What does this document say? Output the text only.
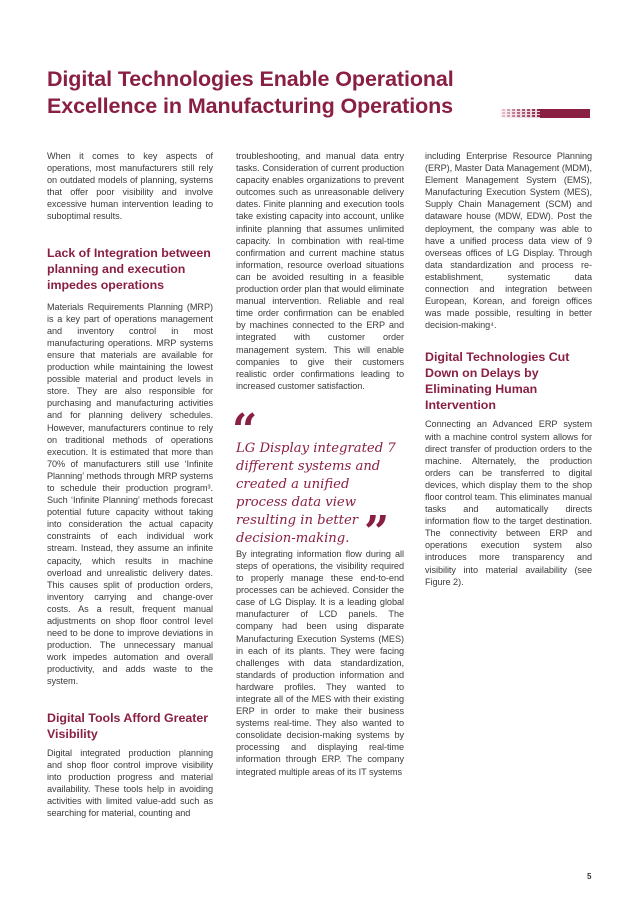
Digital Technologies Enable Operational Excellence in Manufacturing Operations

When it comes to key aspects of operations, most manufacturers still rely on outdated models of planning, systems that offer poor visibility and involve excessive human intervention leading to suboptimal results.

Lack of Integration between planning and execution impedes operations

Materials Requirements Planning (MRP) is a key part of operations management and inventory control in most manufacturing operations. MRP systems ensure that materials are available for production while maintaining the lowest possible material and product levels in store. They are also responsible for purchasing and manufacturing activities and for planning delivery schedules. However, manufacturers continue to rely on traditional methods of operations execution. It is estimated that more than 70% of manufacturers still use ‘Infinite Planning’ methods through MRP systems to schedule their production program³. Such ‘Infinite Planning’ methods forecast potential future capacity without taking into consideration the actual capacity constraints of each individual work stream. Instead, they assume an infinite capacity, which results in machine overload and unrealistic delivery dates. This causes split of production orders, inventory carrying and change-over costs. As a result, frequent manual adjustments on shop floor control level need to be done to improve deviations in production. The unnecessary manual work impedes automation and overall productivity, and adds waste to the system.

Digital Tools Afford Greater Visibility

Digital integrated production planning and shop floor control improve visibility into production progress and material availability. These tools help in avoiding activities with limited value-add such as searching for material, counting and

troubleshooting, and manual data entry tasks. Consideration of current production capacity enables organizations to prevent outcomes such as unreasonable delivery dates. Finite planning and execution tools take existing capacity into account, unlike infinite planning that assumes unlimited capacity. In combination with real-time confirmation and current machine status information, resource overload situations can be avoided resulting in a feasible production order plan that would eliminate manual intervention. Reliable and real time order confirmation can be enabled by machines connected to the ERP and integrated with customer order management system. This will enable companies to give their customers realistic order confirmations leading to increased customer satisfaction.

“

LG Display integrated 7 different systems and created a unified process data view resulting in better decision-making. ”

By integrating information flow during all steps of operations, the visibility required to properly manage these end-to-end processes can be achieved. Consider the case of LG Display. It is a leading global manufacturer of LCD panels. The company had been using disparate Manufacturing Execution Systems (MES) in each of its plants. They were facing challenges with data standardization, standards of production information and hardware profiles. They wanted to integrate all of the MES with their existing ERP in order to make their business systems real-time. They also wanted to consolidate decision-making systems by processing and displaying real-time information through ERP. The company integrated multiple areas of its IT systems

including Enterprise Resource Planning (ERP), Master Data Management (MDM), Element Management System (EMS), Manufacturing Execution System (MES), Supply Chain Management (SCM) and dataware house (MDW, EDW). Post the deployment, the company was able to have a unified process data view of 9 overseas offices of LG Display. Through data standardization and process re-establishment, systematic data connection and integration between European, Korean, and foreign offices was made possible, resulting in better decision-making⁴.

Digital Technologies Cut Down on Delays by Eliminating Human Intervention

Connecting an Advanced ERP system with a machine control system allows for direct transfer of production orders to the machine. Alternately, the production orders can be transferred to digital devices, which display them to the shop floor control team. This eliminates manual tasks and automatically directs information flow to the target destination. The connectivity between ERP and operations execution system also introduces more transparency and visibility into material availability (see Figure 2).

5
